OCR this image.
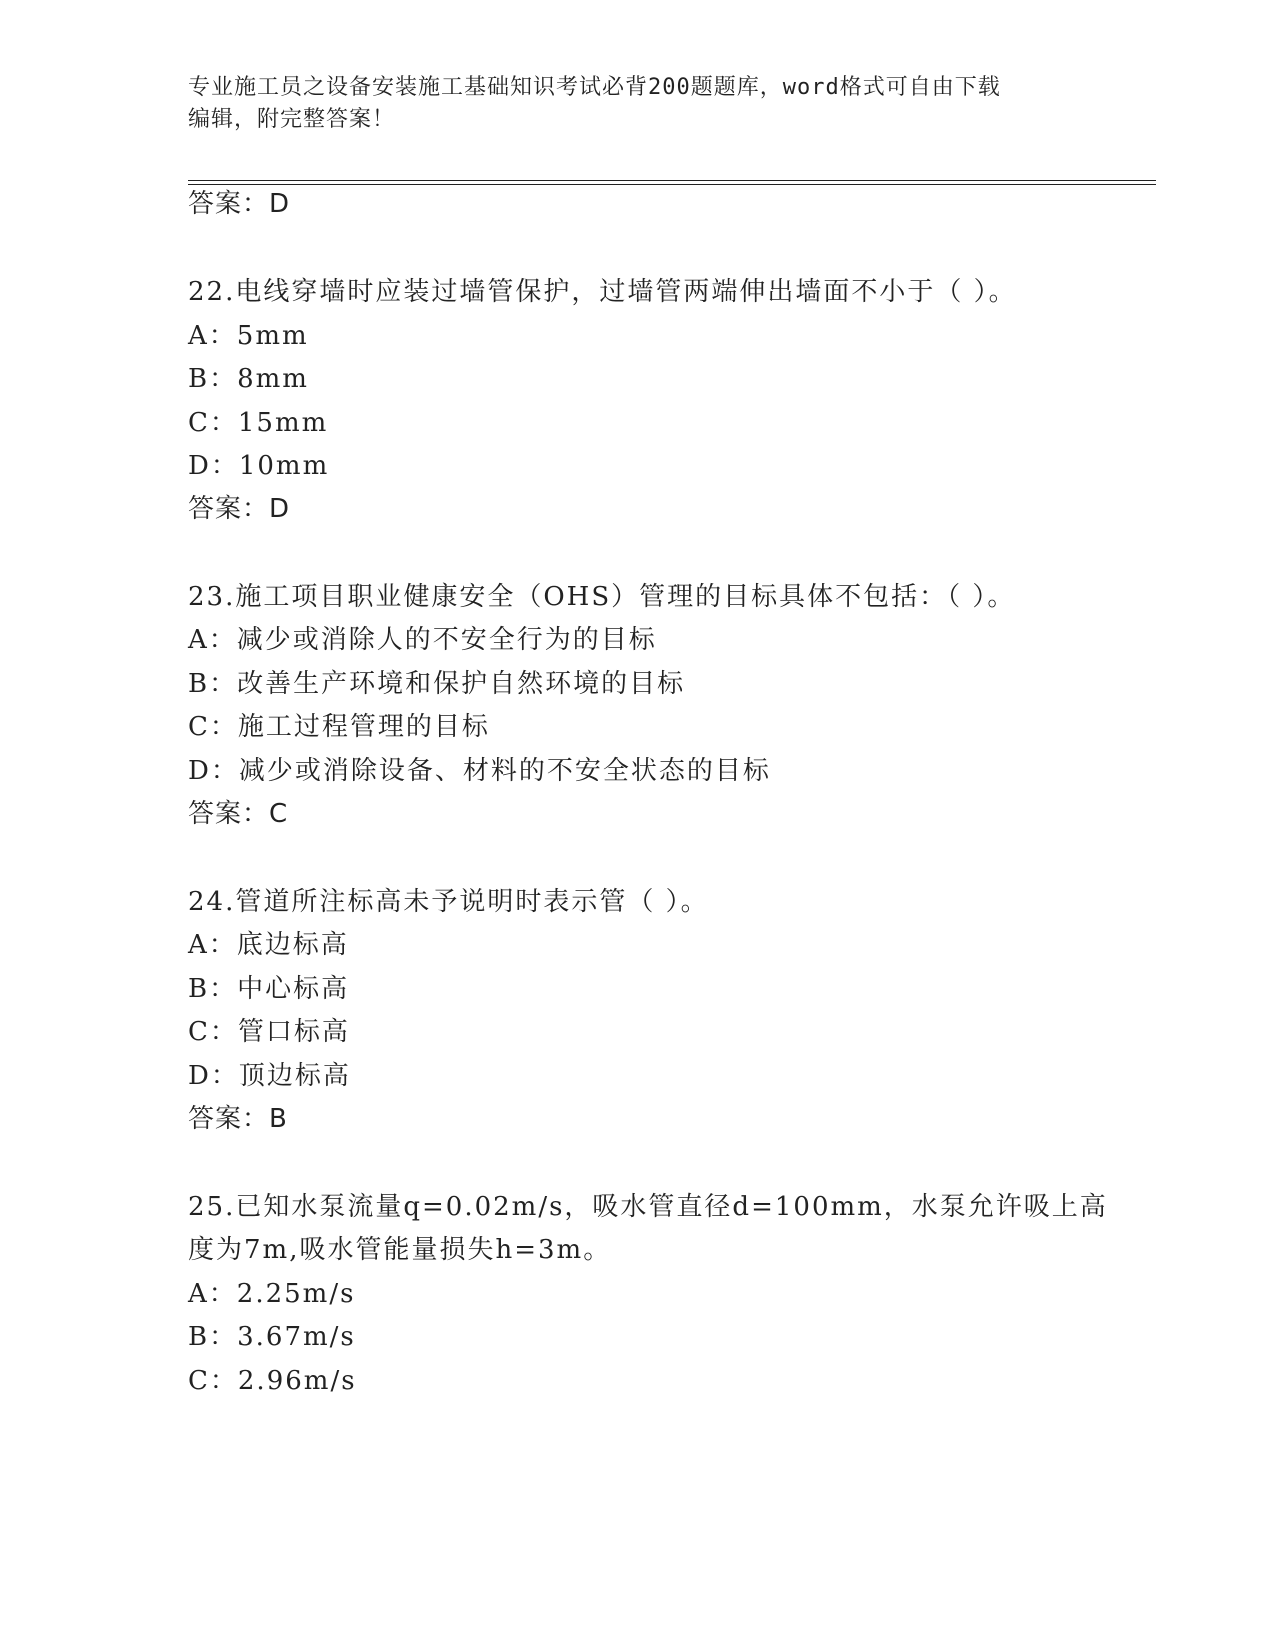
专业施工员之设备安装施工基础知识考试必背200题题库，word格式可自由下载
编辑，附完整答案！
答案：D
22.电线穿墙时应装过墙管保护，过墙管两端伸出墙面不小于（ ）。
A：5mm
B：8mm
C：15mm
D：10mm
答案：D
23.施工项目职业健康安全（OHS）管理的目标具体不包括：（ ）。
A：减少或消除人的不安全行为的目标
B：改善生产环境和保护自然环境的目标
C：施工过程管理的目标
D：减少或消除设备、材料的不安全状态的目标
答案：C
24.管道所注标高未予说明时表示管（ ）。
A：底边标高
B：中心标高
C：管口标高
D：顶边标高
答案：B
25.已知水泵流量q=0.02m/s，吸水管直径d=100mm，水泵允许吸上高
度为7m,吸水管能量损失h=3m。
A：2.25m/s
B：3.67m/s
C：2.96m/s
